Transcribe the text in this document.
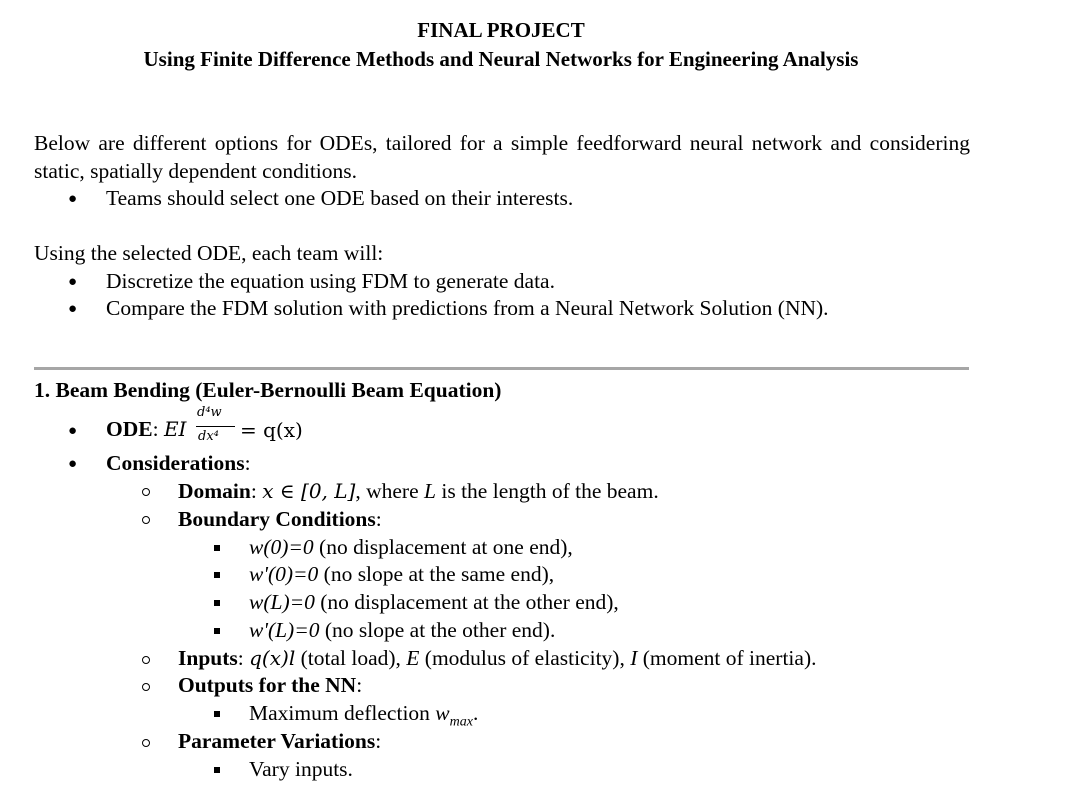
FINAL PROJECT
Using Finite Difference Methods and Neural Networks for Engineering Analysis
Below are different options for ODEs, tailored for a simple feedforward neural network and considering static, spatially dependent conditions.
● Teams should select one ODE based on their interests.
Using the selected ODE, each team will:
● Discretize the equation using FDM to generate data.
● Compare the FDM solution with predictions from a Neural Network Solution (NN).
1. Beam Bending (Euler-Bernoulli Beam Equation)
● ODE: EI
d⁴w
dx⁴ = q(x)
● Considerations:
Domain: x ∈ [0, L], where L is the length of the beam.
Boundary Conditions:
w(0)=0 (no displacement at one end),
w'(0)=0 (no slope at the same end),
w(L)=0 (no displacement at the other end),
w'(L)=0 (no slope at the other end).
Inputs: q(x)l (total load), E (modulus of elasticity), I (moment of inertia).
Outputs for the NN:
Maximum deflection $w_{max}$.
Parameter Variations:
Vary inputs.
